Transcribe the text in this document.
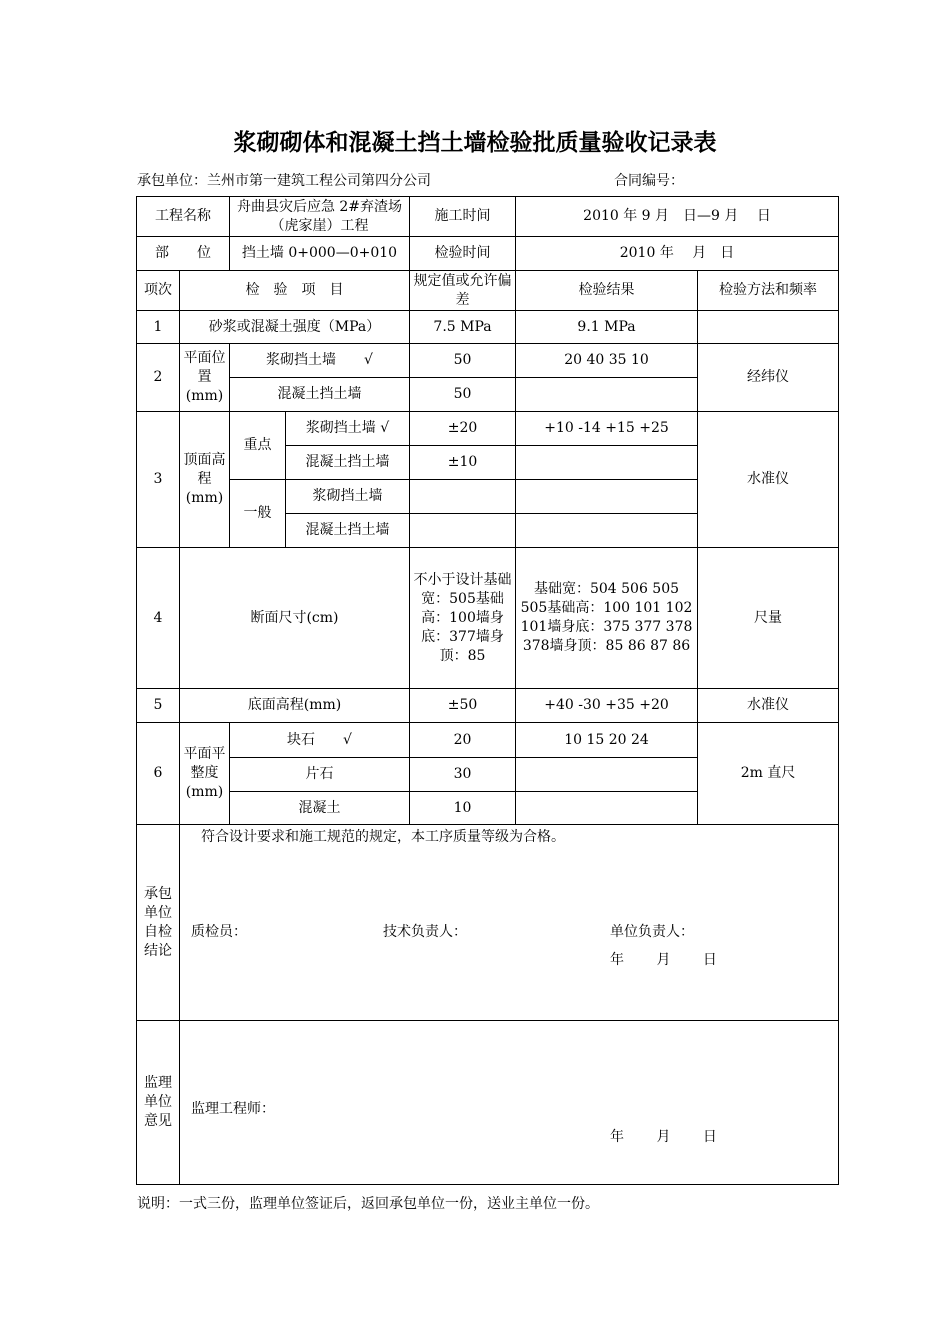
浆砌砌体和混凝土挡土墙检验批质量验收记录表
承包单位：兰州市第一建筑工程公司第四分公司	合同编号：
工程名称		舟曲县灾后应急 2#弃渣场（虎家崖）工程		施工时间	2010 年 9 月　日—9 月　 日	
部　　位		挡土墙 0+000—0+010		检验时间	2010 年　 月　日	
项次	检　验　项　目			规定值或允许偏差	检验结果	检验方法和频率
1	砂浆或混凝土强度（MPa）			7.5 MPa	9.1 MPa	
2	平面位置(mm)	浆砌挡土墙　　√		50	20 40 35 10	经纬仪
		混凝土挡土墙		50		
3	顶面高程(mm)	重点	浆砌挡土墙 √	±20	+10 -14 +15 +25	水准仪
			混凝土挡土墙	±10		
		一般	浆砌挡土墙			
			混凝土挡土墙			
4	断面尺寸(cm)			不小于设计基础宽：505基础高：100墙身底：377墙身顶：85	基础宽：504 506 505 505基础高：100 101 102 101墙身底：375 377 378 378墙身顶：85 86 87 86	尺量
5	底面高程(mm)			±50	+40 -30 +35 +20	水准仪
6	平面平整度(mm)	块石　　√		20	10 15 20 24	2m 直尺
		片石		30		
		混凝土		10		
承包单位自检结论	符合设计要求和施工规范的规定，本工序质量等级为合格。
质检员： 技术负责人： 单位负责人：
年　　 月　　 日					

监理单位意见	监理工程师：
年　　 月　　 日					
说明：一式三份，监理单位签证后，返回承包单位一份，送业主单位一份。
